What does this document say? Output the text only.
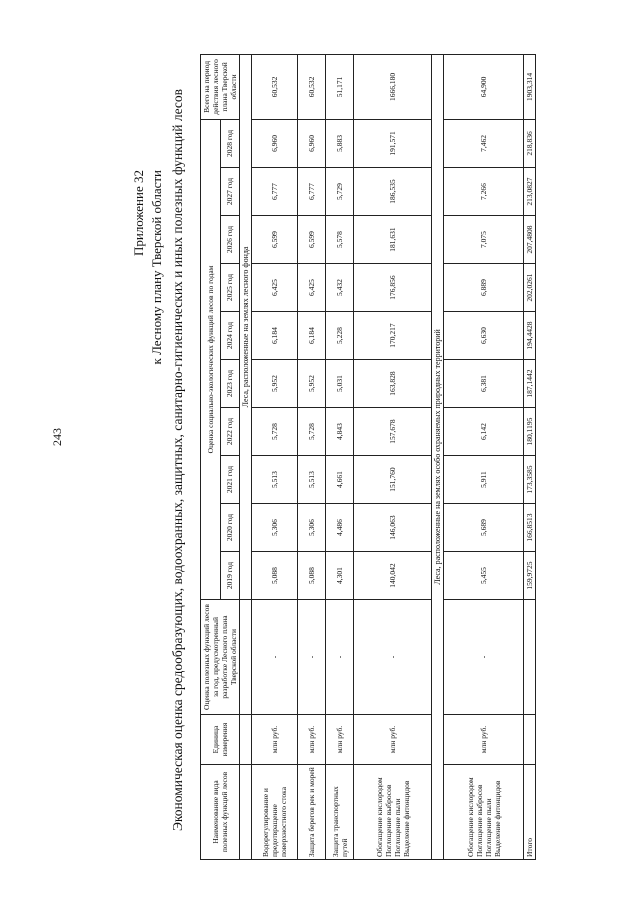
243
Приложение 32 к Лесному плану Тверской области Экономическая оценка средообразующих, водоохранных, защитных, санитарно-гигиенических и иных полезных функций лесов	Наименование вида полезных функций лесов	Единица измерения	Оценка полезных функций лесов за год, предусмотренный разработке Лесного плана Тверской области	Оценка социально-экологических функций лесов по годам										Всего на период действия лесного плана Тверской области
			2019 год	2020 год	2021 год	2022 год	2023 год	2024 год	2025 год	2026 год	2027 год	2028 год	
			Леса, расположенные на землях лесного фонда										
Водорегулирование и предотвращение поверхностного стока	млн руб.	-	5,088	5,306	5,513	5,728	5,952	6,184	6,425	6,599	6,777	6,960	60,532
Защита берегов рек и морей	млн руб.	-	5,088	5,306	5,513	5,728	5,952	6,184	6,425	6,599	6,777	6,960	60,532
Защита транспортных путей	млн руб.	-	4,301	4,486	4,661	4,843	5,031	5,228	5,432	5,578	5,729	5,883	51,171
Обогащение кислородом Поглощение выбросов Поглощение пыли Выделение фитонцидов	млн руб.	-	140,042	146,063	151,760	157,678	163,828	170,217	176,856	181,631	186,535	191,571	1666,180
Леса, расположенные на землях особо охраняемых природных территорий													
Обогащение кислородом Поглощение выбросов Поглощение пыли Выделение фитонцидов	млн руб.	-	5,455	5,689	5,911	6,142	6,381	6,630	6,889	7,075	7,266	7,462	64,900
Итого			159,9725	166,8513	173,3585	180,1195	187,1442	194,4428	202,0261	207,4808	213,0827	218,836	1903,314
